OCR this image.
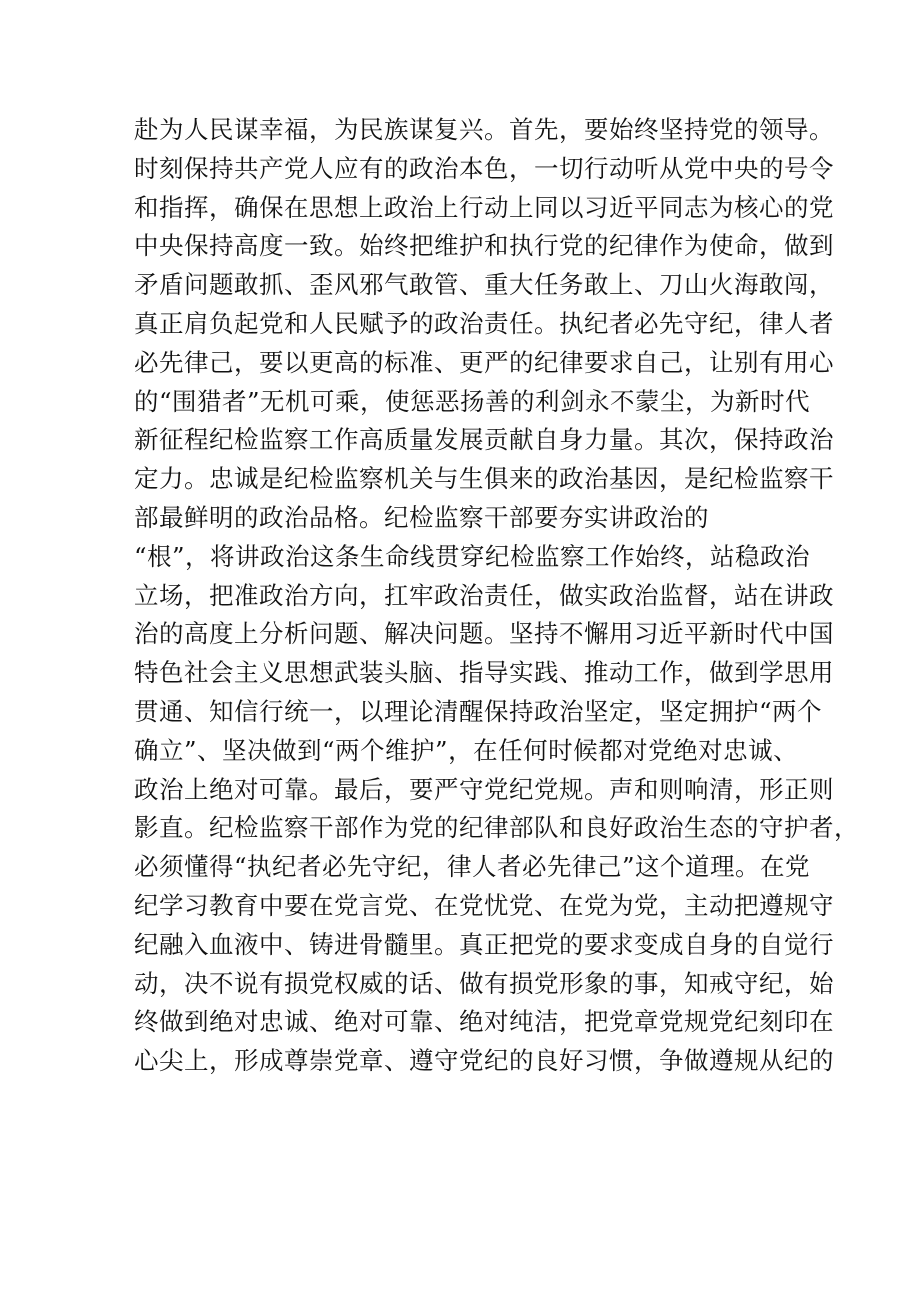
赴为人民谋幸福，为民族谋复兴。首先，要始终坚持党的领导。
时刻保持共产党人应有的政治本色，一切行动听从党中央的号令
和指挥，确保在思想上政治上行动上同以习近平同志为核心的党
中央保持高度一致。始终把维护和执行党的纪律作为使命，做到
矛盾问题敢抓、歪风邪气敢管、重大任务敢上、刀山火海敢闯，
真正肩负起党和人民赋予的政治责任。执纪者必先守纪，律人者
必先律己，要以更高的标准、更严的纪律要求自己，让别有用心
的“围猎者”无机可乘，使惩恶扬善的利剑永不蒙尘，为新时代
新征程纪检监察工作高质量发展贡献自身力量。其次，保持政治
定力。忠诚是纪检监察机关与生俱来的政治基因，是纪检监察干
部最鲜明的政治品格。纪检监察干部要夯实讲政治的
“根”，将讲政治这条生命线贯穿纪检监察工作始终，站稳政治
立场，把准政治方向，扛牢政治责任，做实政治监督，站在讲政
治的高度上分析问题、解决问题。坚持不懈用习近平新时代中国
特色社会主义思想武装头脑、指导实践、推动工作，做到学思用
贯通、知信行统一，以理论清醒保持政治坚定，坚定拥护“两个
确立”、坚决做到“两个维护”，在任何时候都对党绝对忠诚、
政治上绝对可靠。最后，要严守党纪党规。声和则响清，形正则
影直。纪检监察干部作为党的纪律部队和良好政治生态的守护者，
必须懂得“执纪者必先守纪，律人者必先律己”这个道理。在党
纪学习教育中要在党言党、在党忧党、在党为党，主动把遵规守
纪融入血液中、铸进骨髓里。真正把党的要求变成自身的自觉行
动，决不说有损党权威的话、做有损党形象的事，知戒守纪，始
终做到绝对忠诚、绝对可靠、绝对纯洁，把党章党规党纪刻印在
心尖上，形成尊崇党章、遵守党纪的良好习惯，争做遵规从纪的
